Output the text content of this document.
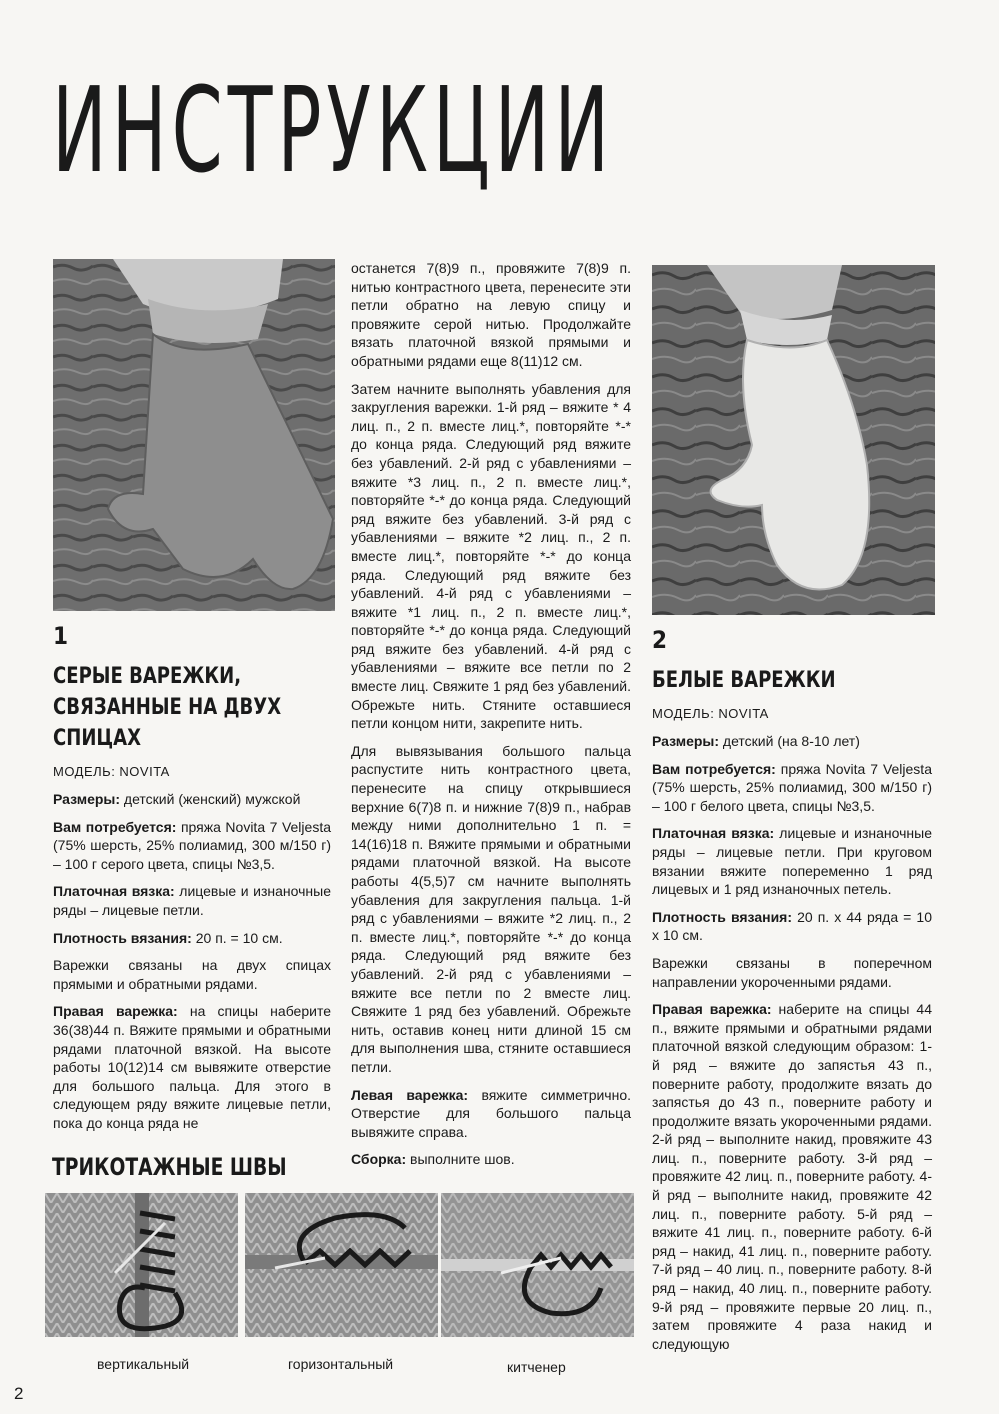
ИНСТРУКЦИИ
1
СЕРЫЕ ВАРЕЖКИ,
СВЯЗАННЫЕ НА ДВУХ
СПИЦАХ
МОДЕЛЬ: NOVITA

Размеры: детский (женский) мужской

Вам потребуется: пряжа Novita 7 Veljesta (75% шерсть, 25% полиамид, 300 м/150 г) – 100 г серого цвета, спицы №3,5.

Платочная вязка: лицевые и изнаночные ряды – лицевые петли.

Плотность вязания: 20 п. = 10 см.

Варежки связаны на двух спицах прямыми и обратными рядами.

Правая варежка: на спицы наберите 36(38)44 п. Вяжите прямыми и обратными рядами платочной вязкой. На высоте работы 10(12)14 см вывяжите отверстие для большого пальца. Для этого в следующем ряду вяжите лицевые петли, пока до конца ряда не

останется 7(8)9 п., провяжите 7(8)9 п. нитью контрастного цвета, перенесите эти петли обратно на левую спицу и провяжите серой нитью. Продолжайте вязать платочной вязкой прямыми и обратными рядами еще 8(11)12 см.

Затем начните выполнять убавления для закругления варежки. 1-й ряд – вяжите * 4 лиц. п., 2 п. вместе лиц.*, повторяйте *-* до конца ряда. Следующий ряд вяжите без убавлений. 2-й ряд с убавлениями – вяжите *3 лиц. п., 2 п. вместе лиц.*, повторяйте *-* до конца ряда. Следующий ряд вяжите без убавлений. 3-й ряд с убавлениями – вяжите *2 лиц. п., 2 п. вместе лиц.*, повторяйте *-* до конца ряда. Следующий ряд вяжите без убавлений. 4-й ряд с убавлениями – вяжите *1 лиц. п., 2 п. вместе лиц.*, повторяйте *-* до конца ряда. Следующий ряд вяжите без убавлений. 4-й ряд с убавлениями – вяжите все петли по 2 вместе лиц. Свяжите 1 ряд без убавлений. Обрежьте нить. Стяните оставшиеся петли концом нити, закрепите нить.

Для вывязывания большого пальца распустите нить контрастного цвета, перенесите на спицу открывшиеся верхние 6(7)8 п. и нижние 7(8)9 п., набрав между ними дополнительно 1 п. = 14(16)18 п. Вяжите прямыми и обратными рядами платочной вязкой. На высоте работы 4(5,5)7 см начните выполнять убавления для закругления пальца. 1-й ряд с убавлениями – вяжите *2 лиц. п., 2 п. вместе лиц.*, повторяйте *-* до конца ряда. Следующий ряд вяжите без убавлений. 2-й ряд с убавлениями – вяжите все петли по 2 вместе лиц. Свяжите 1 ряд без убавлений. Обрежьте нить, оставив конец нити длиной 15 см для выполнения шва, стяните оставшиеся петли.

Левая варежка: вяжите симметрично. Отверстие для большого пальца вывяжите справа.

Сборка: выполните шов.

2
БЕЛЫЕ ВАРЕЖКИ
МОДЕЛЬ: NOVITA

Размеры: детский (на 8-10 лет)

Вам потребуется: пряжа Novita 7 Veljesta (75% шерсть, 25% полиамид, 300 м/150 г) – 100 г белого цвета, спицы №3,5.

Платочная вязка: лицевые и изнаночные ряды – лицевые петли. При круговом вязании вяжите попеременно 1 ряд лицевых и 1 ряд изнаночных петель.

Плотность вязания: 20 п. х 44 ряда = 10 х 10 см.

Варежки связаны в поперечном направлении укороченными рядами.

Правая варежка: наберите на спицы 44 п., вяжите прямыми и обратными рядами платочной вязкой следующим образом: 1-й ряд – вяжите до запястья 43 п., поверните работу, продолжите вязать до запястья до 43 п., поверните работу и продолжите вязать укороченными рядами. 2-й ряд – выполните накид, провяжите 43 лиц. п., поверните работу. 3-й ряд – провяжите 42 лиц. п., поверните работу. 4-й ряд – выполните накид, провяжите 42 лиц. п., поверните работу. 5-й ряд – вяжите 41 лиц. п., поверните работу. 6-й ряд – накид, 41 лиц. п., поверните работу. 7-й ряд – 40 лиц. п., поверните работу. 8-й ряд – накид, 40 лиц. п., поверните работу. 9-й ряд – провяжите первые 20 лиц. п., затем провяжите 4 раза накид и следующую

ТРИКОТАЖНЫЕ ШВЫ
вертикальный	горизонтальный	китченер
2
